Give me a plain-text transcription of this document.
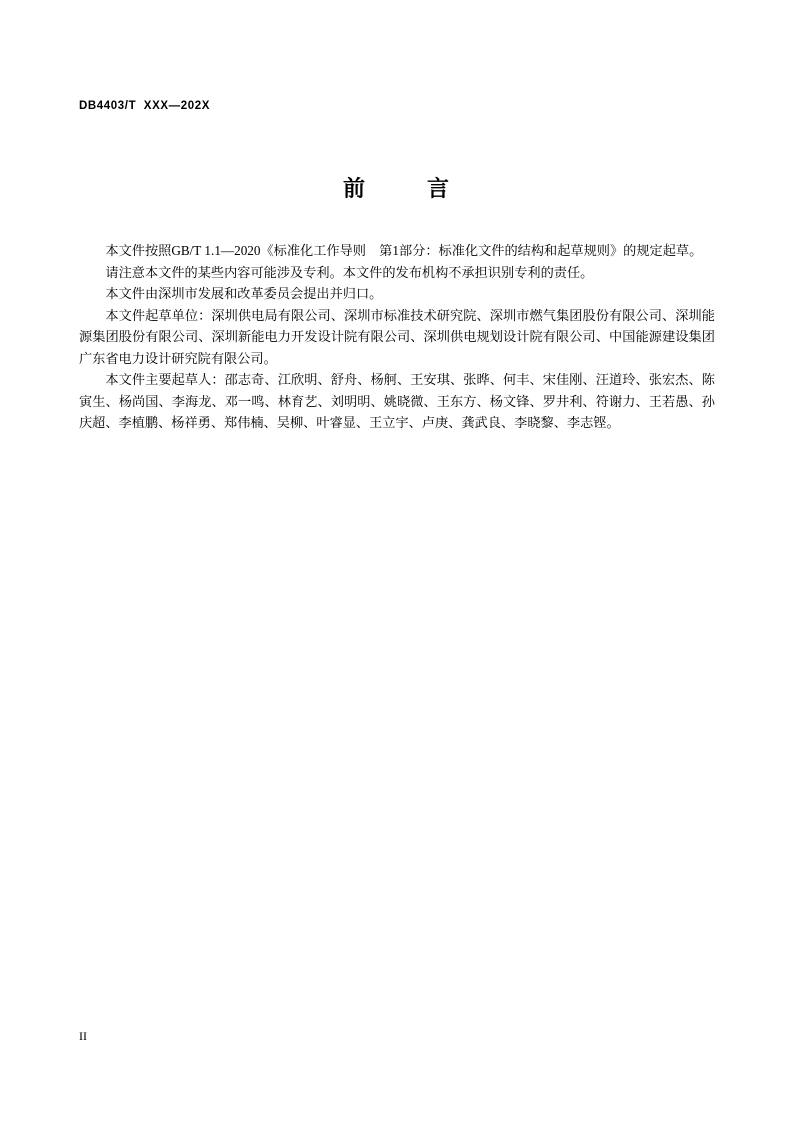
DB4403/T  XXX—202X
前        言

本文件按照GB/T 1.1—2020《标准化工作导则　第1部分：标准化文件的结构和起草规则》的规定起草。

请注意本文件的某些内容可能涉及专利。本文件的发布机构不承担识别专利的责任。

本文件由深圳市发展和改革委员会提出并归口。

本文件起草单位：深圳供电局有限公司、深圳市标准技术研究院、深圳市燃气集团股份有限公司、深圳能源集团股份有限公司、深圳新能电力开发设计院有限公司、深圳供电规划设计院有限公司、中国能源建设集团广东省电力设计研究院有限公司。

本文件主要起草人：邵志奇、江欣明、舒舟、杨舸、王安琪、张晔、何丰、宋佳刚、汪道玲、张宏杰、陈寅生、杨尚国、李海龙、邓一鸣、林育艺、刘明明、姚晓微、王东方、杨文锋、罗井利、符谢力、王若愚、孙庆超、李植鹏、杨祥勇、郑伟楠、吴柳、叶睿显、王立宇、卢庚、龚武良、李晓黎、李志铿。

II
